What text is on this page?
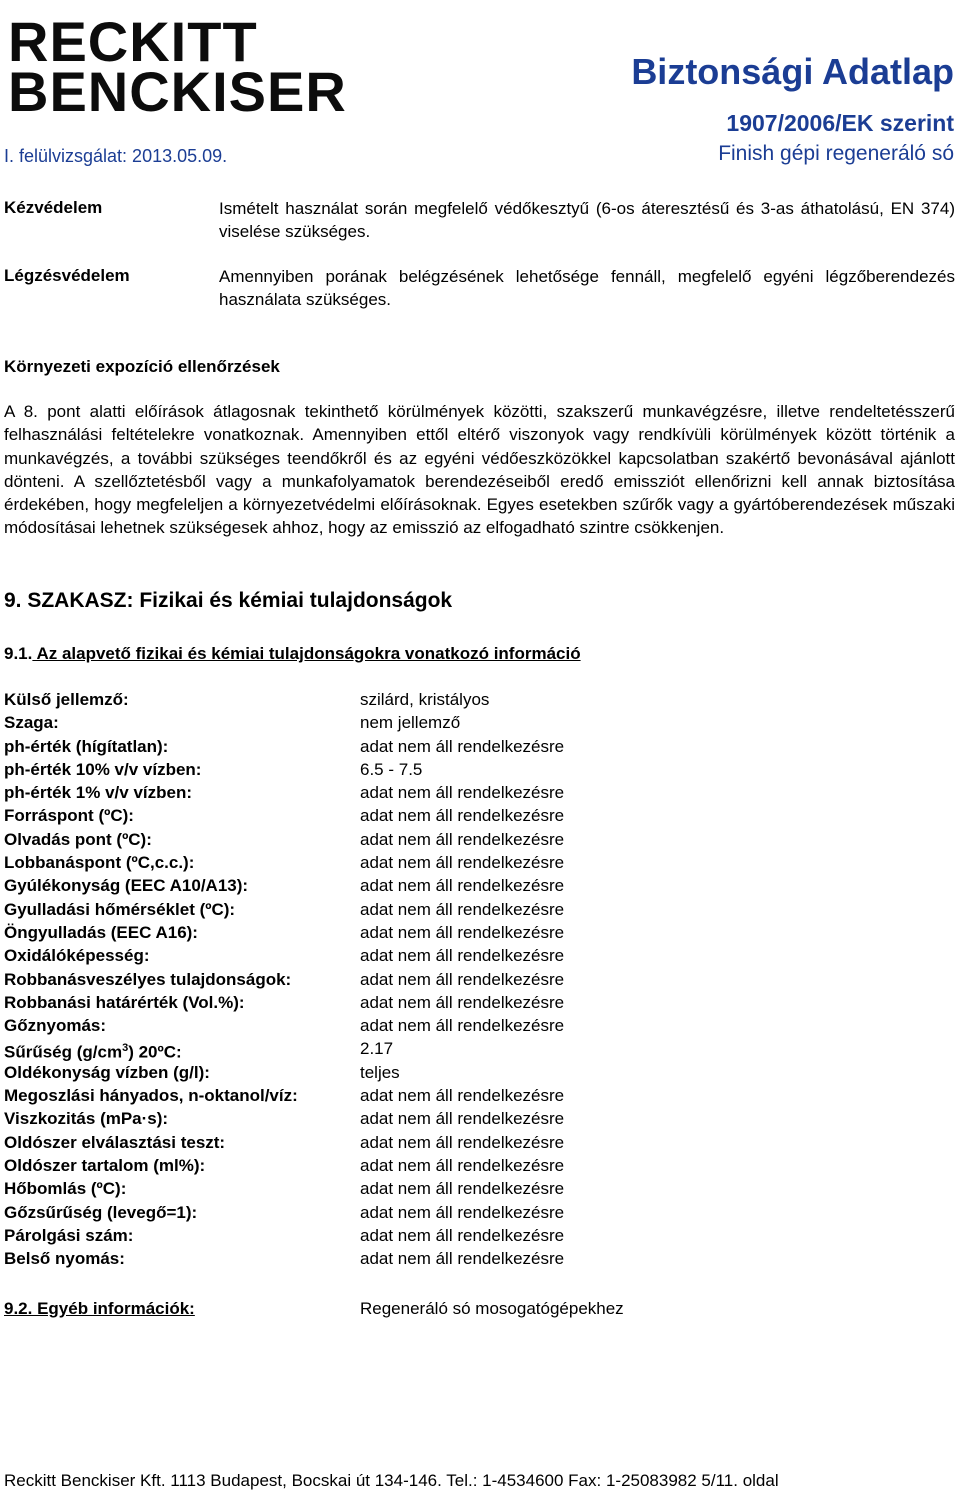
RECKITT
BENCKISER	Biztonsági Adatlap
1907/2006/EK szerint
I. felülvizsgálat: 2013.05.09.	Finish gépi regeneráló só
Kézvédelem	Ismételt használat során megfelelő védőkesztyű (6-os áteresztésű és 3-as áthatolású, EN 374) viselése szükséges.
Légzésvédelem	Amennyiben porának belégzésének lehetősége fennáll, megfelelő egyéni légzőberendezés használata szükséges.
Környezeti expozíció ellenőrzések
A 8. pont alatti előírások átlagosnak tekinthető körülmények közötti, szakszerű munkavégzésre, illetve rendeltetésszerű felhasználási feltételekre vonatkoznak. Amennyiben ettől eltérő viszonyok vagy rendkívüli körülmények között történik a munkavégzés, a további szükséges teendőkről és az egyéni védőeszközökkel kapcsolatban szakértő bevonásával ajánlott dönteni. A szellőztetésből vagy a munkafolyamatok berendezéseiből eredő emissziót ellenőrizni kell annak biztosítása érdekében, hogy megfeleljen a környezetvédelmi előírásoknak. Egyes esetekben szűrők vagy a gyártóberendezések műszaki módosításai lehetnek szükségesek ahhoz, hogy az emisszió az elfogadható szintre csökkenjen.
9. SZAKASZ: Fizikai és kémiai tulajdonságok
9.1. Az alapvető fizikai és kémiai tulajdonságokra vonatkozó információ
Külső jellemző:	szilárd, kristályos
Szaga:	nem jellemző
ph-érték (hígítatlan):	adat nem áll rendelkezésre
ph-érték 10% v/v vízben:	6.5 - 7.5
ph-érték 1% v/v vízben:	adat nem áll rendelkezésre
Forráspont (ºC):	adat nem áll rendelkezésre
Olvadás pont (ºC):	adat nem áll rendelkezésre
Lobbanáspont (ºC,c.c.):	adat nem áll rendelkezésre
Gyúlékonyság (EEC A10/A13):	adat nem áll rendelkezésre
Gyulladási hőmérséklet (ºC):	adat nem áll rendelkezésre
Öngyulladás (EEC A16):	adat nem áll rendelkezésre
Oxidálóképesség:	adat nem áll rendelkezésre
Robbanásveszélyes tulajdonságok:	adat nem áll rendelkezésre
Robbanási határérték (Vol.%):	adat nem áll rendelkezésre
Gőznyomás:	adat nem áll rendelkezésre
Sűrűség $(g/cm^3)$ 20ºC:	2.17
Oldékonyság vízben (g/l):	teljes
Megoszlási hányados, n-oktanol/víz:	adat nem áll rendelkezésre
Viszkozitás (mPa·s):	adat nem áll rendelkezésre
Oldószer elválasztási teszt:	adat nem áll rendelkezésre
Oldószer tartalom (ml%):	adat nem áll rendelkezésre
Hőbomlás (ºC):	adat nem áll rendelkezésre
Gőzsűrűség (levegő=1):	adat nem áll rendelkezésre
Párolgási szám:	adat nem áll rendelkezésre
Belső nyomás:	adat nem áll rendelkezésre
9.2. Egyéb információk:	Regeneráló só mosogatógépekhez
Reckitt Benckiser Kft. 1113 Budapest, Bocskai út 134-146. Tel.: 1-4534600 Fax: 1-25083982 5/11. oldal
